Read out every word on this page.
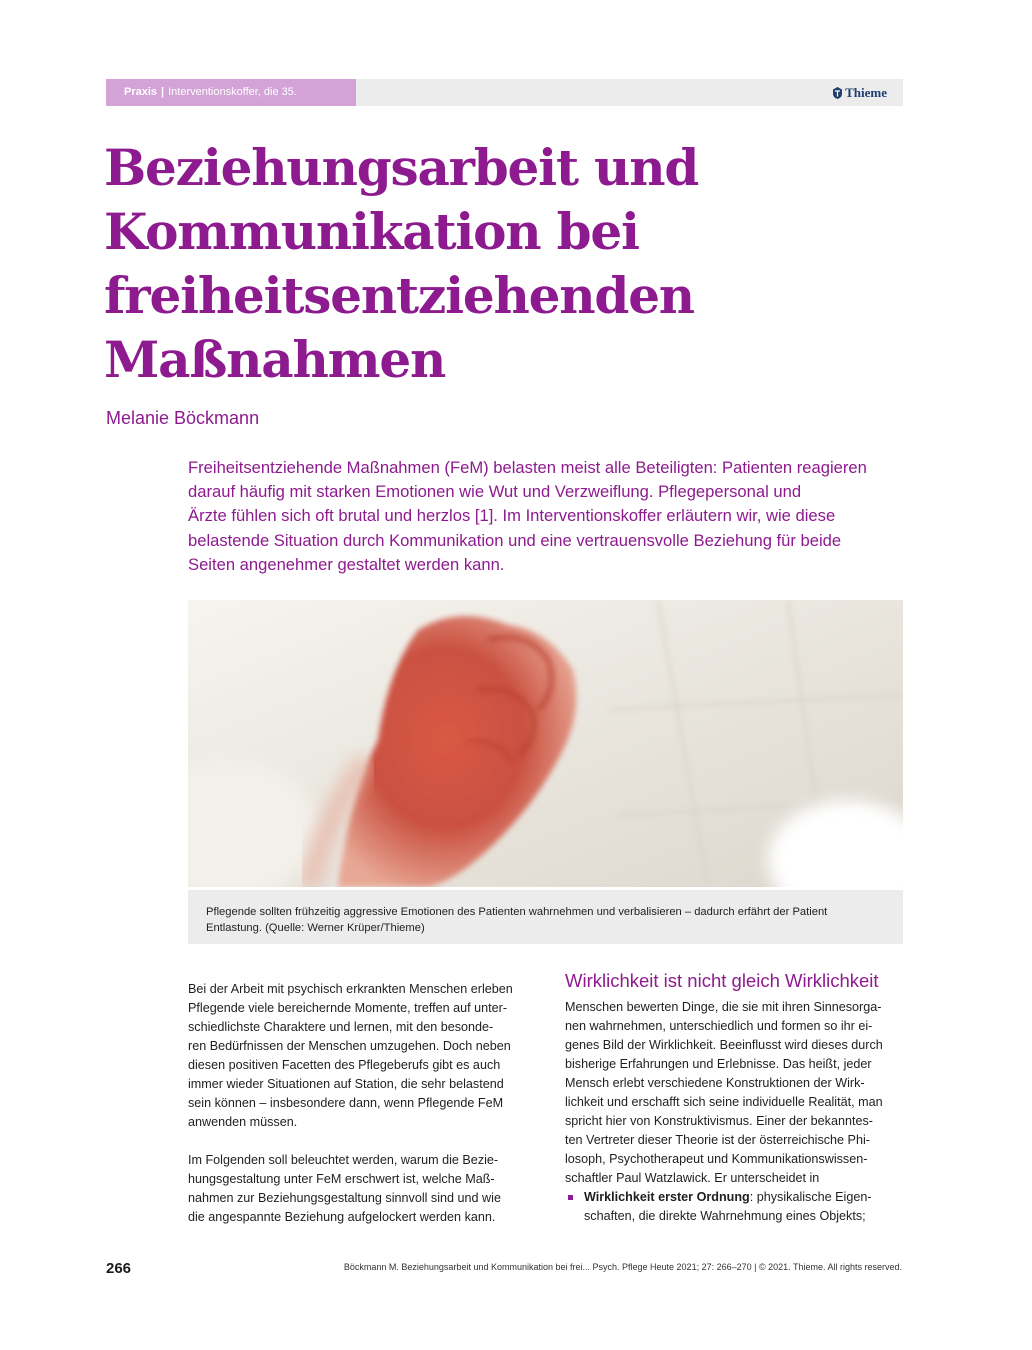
Praxis | Interventionskoffer, die 35.	Thieme
Beziehungsarbeit und
Kommunikation bei
freiheitsentziehenden
Maßnahmen
Melanie Böckmann
Freiheitsentziehende Maßnahmen (FeM) belasten meist alle Beteiligten: Patienten reagieren
darauf häufig mit starken Emotionen wie Wut und Verzweiflung. Pflegepersonal und
Ärzte fühlen sich oft brutal und herzlos [1]. Im Interventionskoffer erläutern wir, wie diese
belastende Situation durch Kommunikation und eine vertrauensvolle Beziehung für beide
Seiten angenehmer gestaltet werden kann.
Pflegende sollten frühzeitig aggressive Emotionen des Patienten wahrnehmen und verbalisieren – dadurch erfährt der Patient
Entlastung. (Quelle: Werner Krüper/Thieme)
Bei der Arbeit mit psychisch erkrankten Menschen erleben
Pflegende viele bereichernde Momente, treffen auf unter-
schiedlichste Charaktere und lernen, mit den besonde-
ren Bedürfnissen der Menschen umzugehen. Doch neben
diesen positiven Facetten des Pflegeberufs gibt es auch
immer wieder Situationen auf Station, die sehr belastend
sein können – insbesondere dann, wenn Pflegende FeM
anwenden müssen.
Im Folgenden soll beleuchtet werden, warum die Bezie-
hungsgestaltung unter FeM erschwert ist, welche Maß-
nahmen zur Beziehungsgestaltung sinnvoll sind und wie
die angespannte Beziehung aufgelockert werden kann.
Wirklichkeit ist nicht gleich Wirklichkeit
Menschen bewerten Dinge, die sie mit ihren Sinnesorga-
nen wahrnehmen, unterschiedlich und formen so ihr ei-
genes Bild der Wirklichkeit. Beeinflusst wird dieses durch
bisherige Erfahrungen und Erlebnisse. Das heißt, jeder
Mensch erlebt verschiedene Konstruktionen der Wirk-
lichkeit und erschafft sich seine individuelle Realität, man
spricht hier von Konstruktivismus. Einer der bekanntes-
ten Vertreter dieser Theorie ist der österreichische Phi-
losoph, Psychotherapeut und Kommunikationswissen-
schaftler Paul Watzlawick. Er unterscheidet in
Wirklichkeit erster Ordnung: physikalische Eigen-
schaften, die direkte Wahrnehmung eines Objekts;
266	Böckmann M. Beziehungsarbeit und Kommunikation bei frei... Psych. Pflege Heute 2021; 27: 266–270 | © 2021. Thieme. All rights reserved.
